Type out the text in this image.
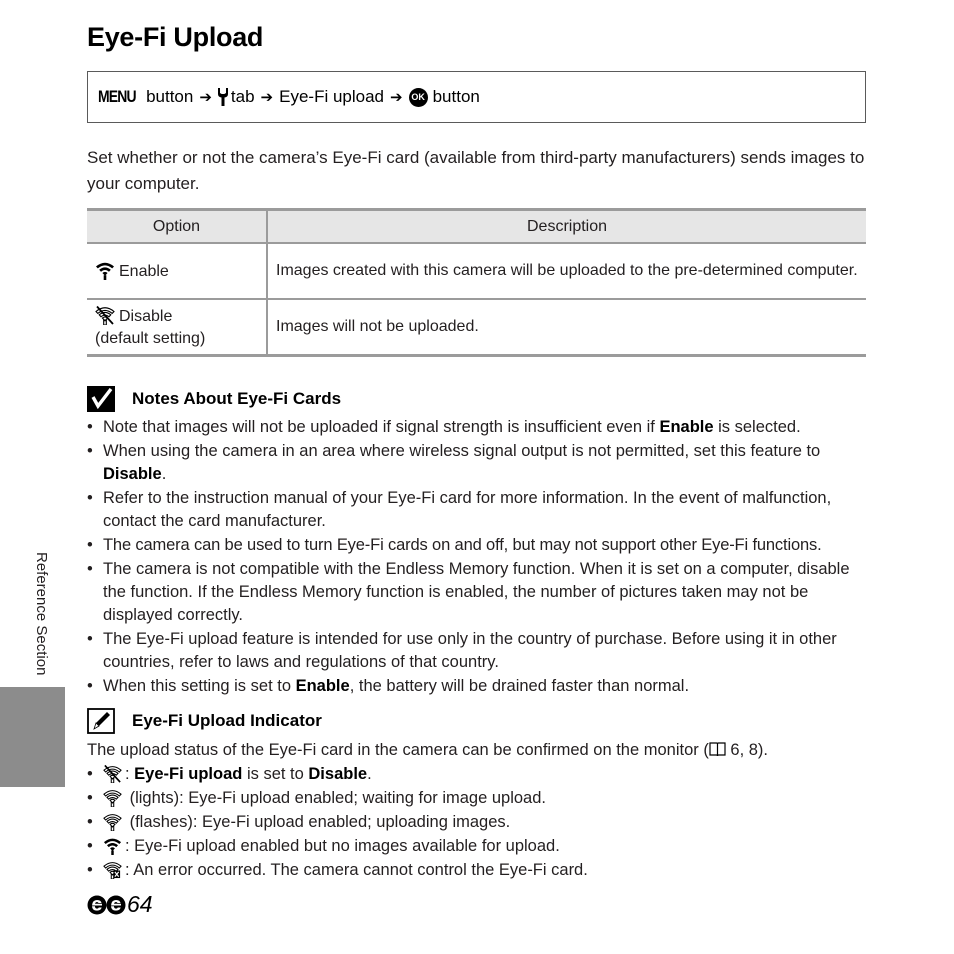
Eye-Fi Upload
MENU button ➔ tab ➔ Eye-Fi upload ➔ OK button
Set whether or not the camera’s Eye-Fi card (available from third-party manufacturers) sends images to your computer.
Option	Description
Enable	Images created with this camera will be uploaded to the pre-determined computer.
Disable
(default setting)	Images will not be uploaded.
Notes About Eye-Fi Cards
• Note that images will not be uploaded if signal strength is insufficient even if Enable is selected.
• When using the camera in an area where wireless signal output is not permitted, set this feature to Disable.
• Refer to the instruction manual of your Eye-Fi card for more information. In the event of malfunction, contact the card manufacturer.
• The camera can be used to turn Eye-Fi cards on and off, but may not support other Eye-Fi functions.
• The camera is not compatible with the Endless Memory function. When it is set on a computer, disable the function. If the Endless Memory function is enabled, the number of pictures taken may not be displayed correctly.
• The Eye-Fi upload feature is intended for use only in the country of purchase. Before using it in other countries, refer to laws and regulations of that country.
• When this setting is set to Enable, the battery will be drained faster than normal.
Eye-Fi Upload Indicator
The upload status of the Eye-Fi card in the camera can be confirmed on the monitor ( 6, 8).
• : Eye-Fi upload is set to Disable.
• (lights): Eye-Fi upload enabled; waiting for image upload.
• (flashes): Eye-Fi upload enabled; uploading images.
• : Eye-Fi upload enabled but no images available for upload.
• : An error occurred. The camera cannot control the Eye-Fi card.
Reference Section
64
